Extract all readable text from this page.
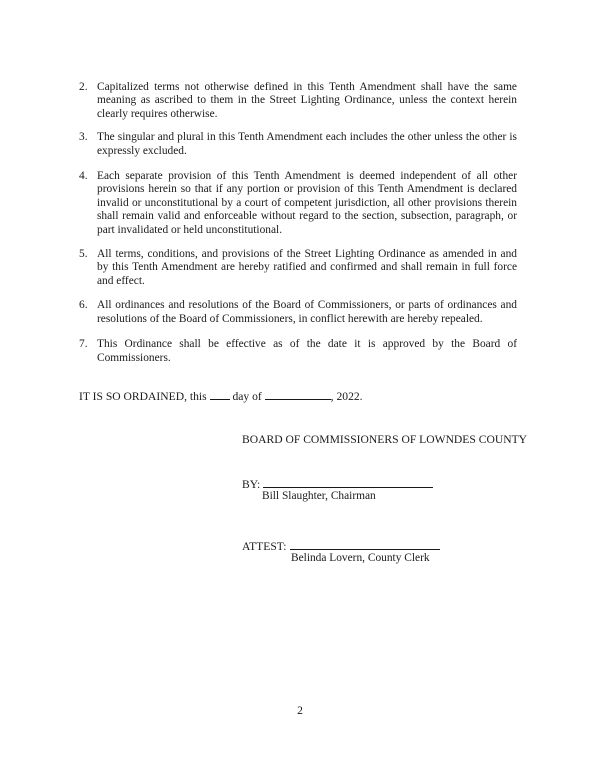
2. Capitalized terms not otherwise defined in this Tenth Amendment shall have the same meaning as ascribed to them in the Street Lighting Ordinance, unless the context herein clearly requires otherwise.
3. The singular and plural in this Tenth Amendment each includes the other unless the other is expressly excluded.
4. Each separate provision of this Tenth Amendment is deemed independent of all other provisions herein so that if any portion or provision of this Tenth Amendment is declared invalid or unconstitutional by a court of competent jurisdiction, all other provisions therein shall remain valid and enforceable without regard to the section, subsection, paragraph, or part invalidated or held unconstitutional.
5. All terms, conditions, and provisions of the Street Lighting Ordinance as amended in and by this Tenth Amendment are hereby ratified and confirmed and shall remain in full force and effect.
6. All ordinances and resolutions of the Board of Commissioners, or parts of ordinances and resolutions of the Board of Commissioners, in conflict herewith are hereby repealed.
7. This Ordinance shall be effective as of the date it is approved by the Board of Commissioners.
IT IS SO ORDAINED, this day of	, 2022.
BOARD OF COMMISSIONERS OF LOWNDES COUNTY
BY:
Bill Slaughter, Chairman
ATTEST:
Belinda Lovern, County Clerk
2
